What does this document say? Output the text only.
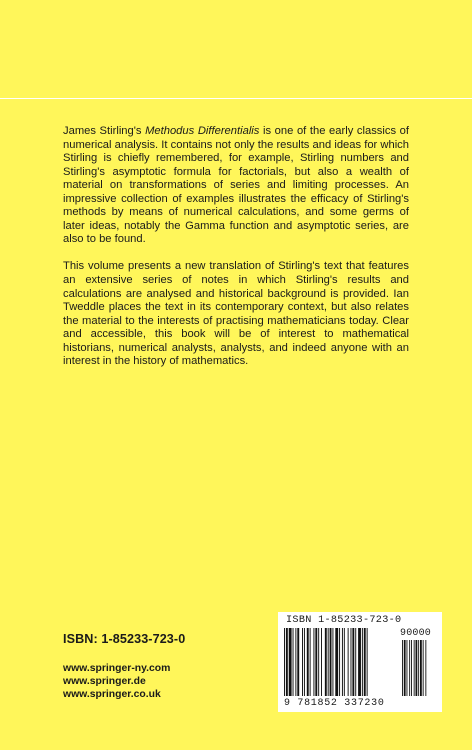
James Stirling's Methodus Differentialis is one of the early classics of numerical analysis. It contains not only the results and ideas for which Stirling is chiefly remembered, for example, Stirling numbers and Stirling's asymptotic formula for factorials, but also a wealth of material on transformations of series and limiting processes. An impressive collection of examples illustrates the efficacy of Stirling's methods by means of numerical calculations, and some germs of later ideas, notably the Gamma function and asymptotic series, are also to be found.

This volume presents a new translation of Stirling's text that features an extensive series of notes in which Stirling's results and calculations are analysed and historical background is provided. Ian Tweddle places the text in its contemporary context, but also relates the material to the interests of practising mathematicians today. Clear and accessible, this book will be of interest to mathematical historians, numerical analysts, analysts, and indeed anyone with an interest in the history of mathematics.

ISBN: 1-85233-723-0
www.springer-ny.com
www.springer.de
www.springer.co.uk
ISBN 1-85233-723-0
90000
9 781852 337230
